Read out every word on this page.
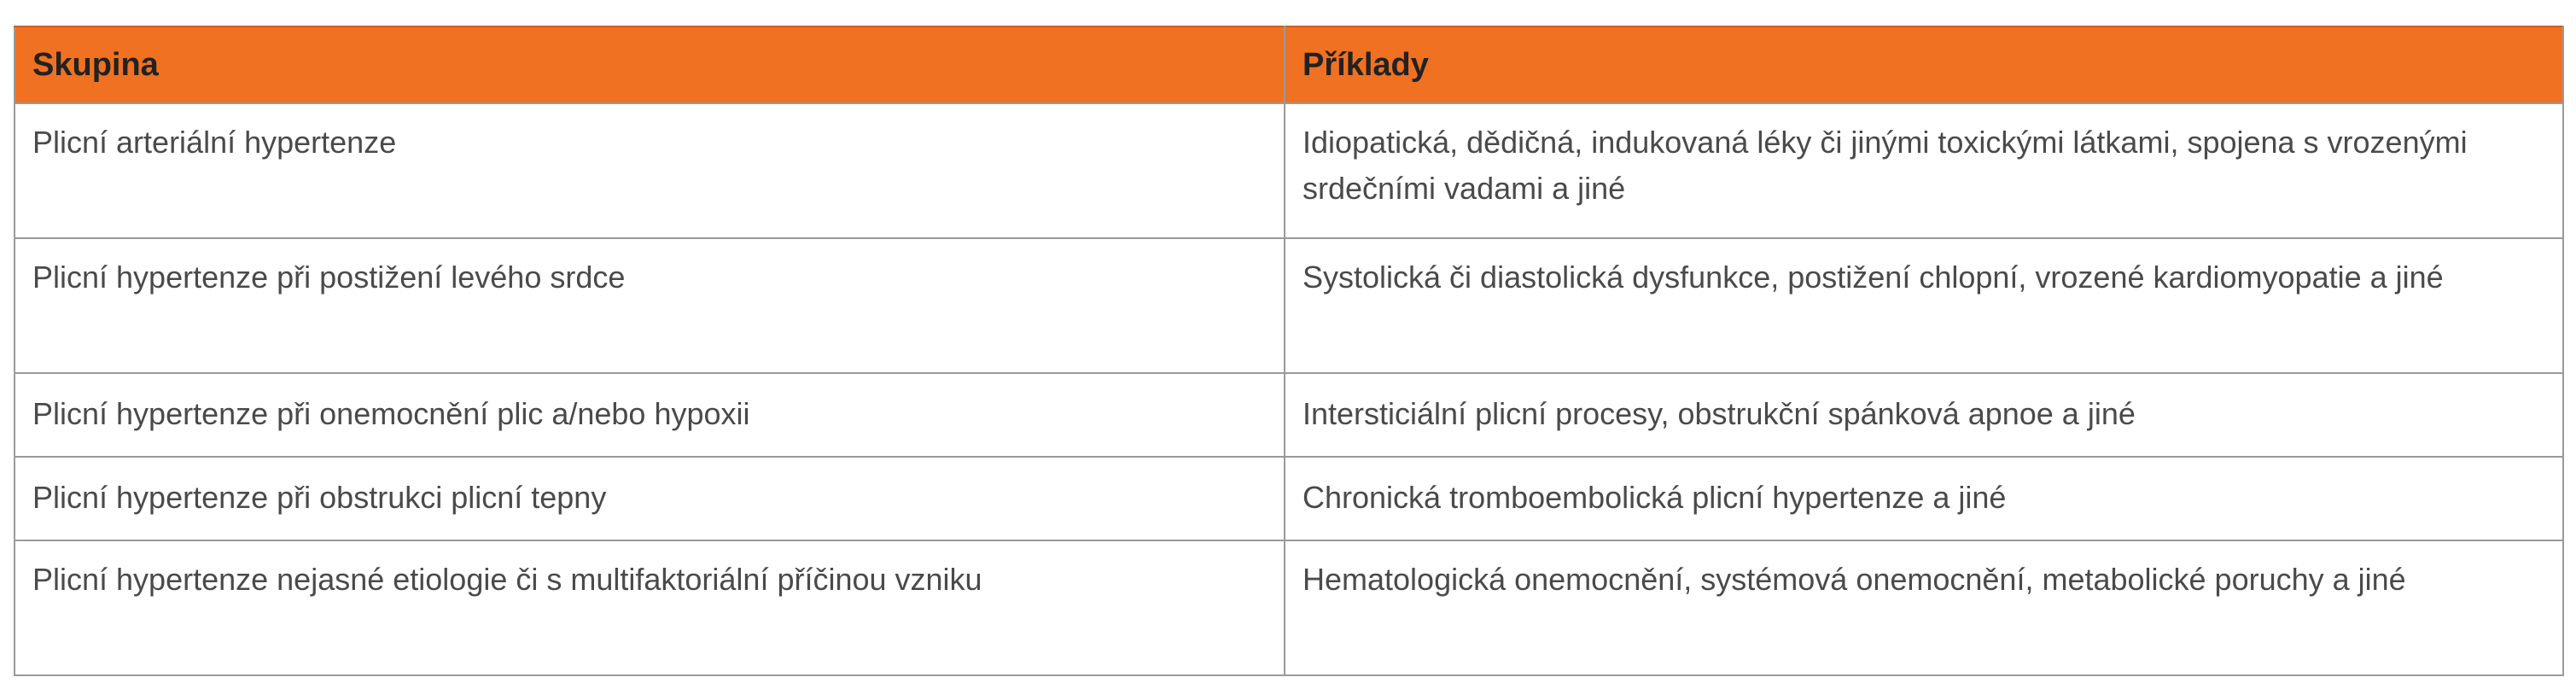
Skupina	Příklady
Plicní arteriální hypertenze	Idiopatická, dědičná, indukovaná léky či jinými toxickými látkami, spojena s vrozenými srdečními vadami a jiné
Plicní hypertenze při postižení levého srdce	Systolická či diastolická dysfunkce, postižení chlopní, vrozené kardiomyopatie a jiné
Plicní hypertenze při onemocnění plic a/nebo hypoxii	Intersticiální plicní procesy, obstrukční spánková apnoe a jiné
Plicní hypertenze při obstrukci plicní tepny	Chronická tromboembolická plicní hypertenze a jiné
Plicní hypertenze nejasné etiologie či s multifaktoriální příčinou vzniku	Hematologická onemocnění, systémová onemocnění, metabolické poruchy a jiné
